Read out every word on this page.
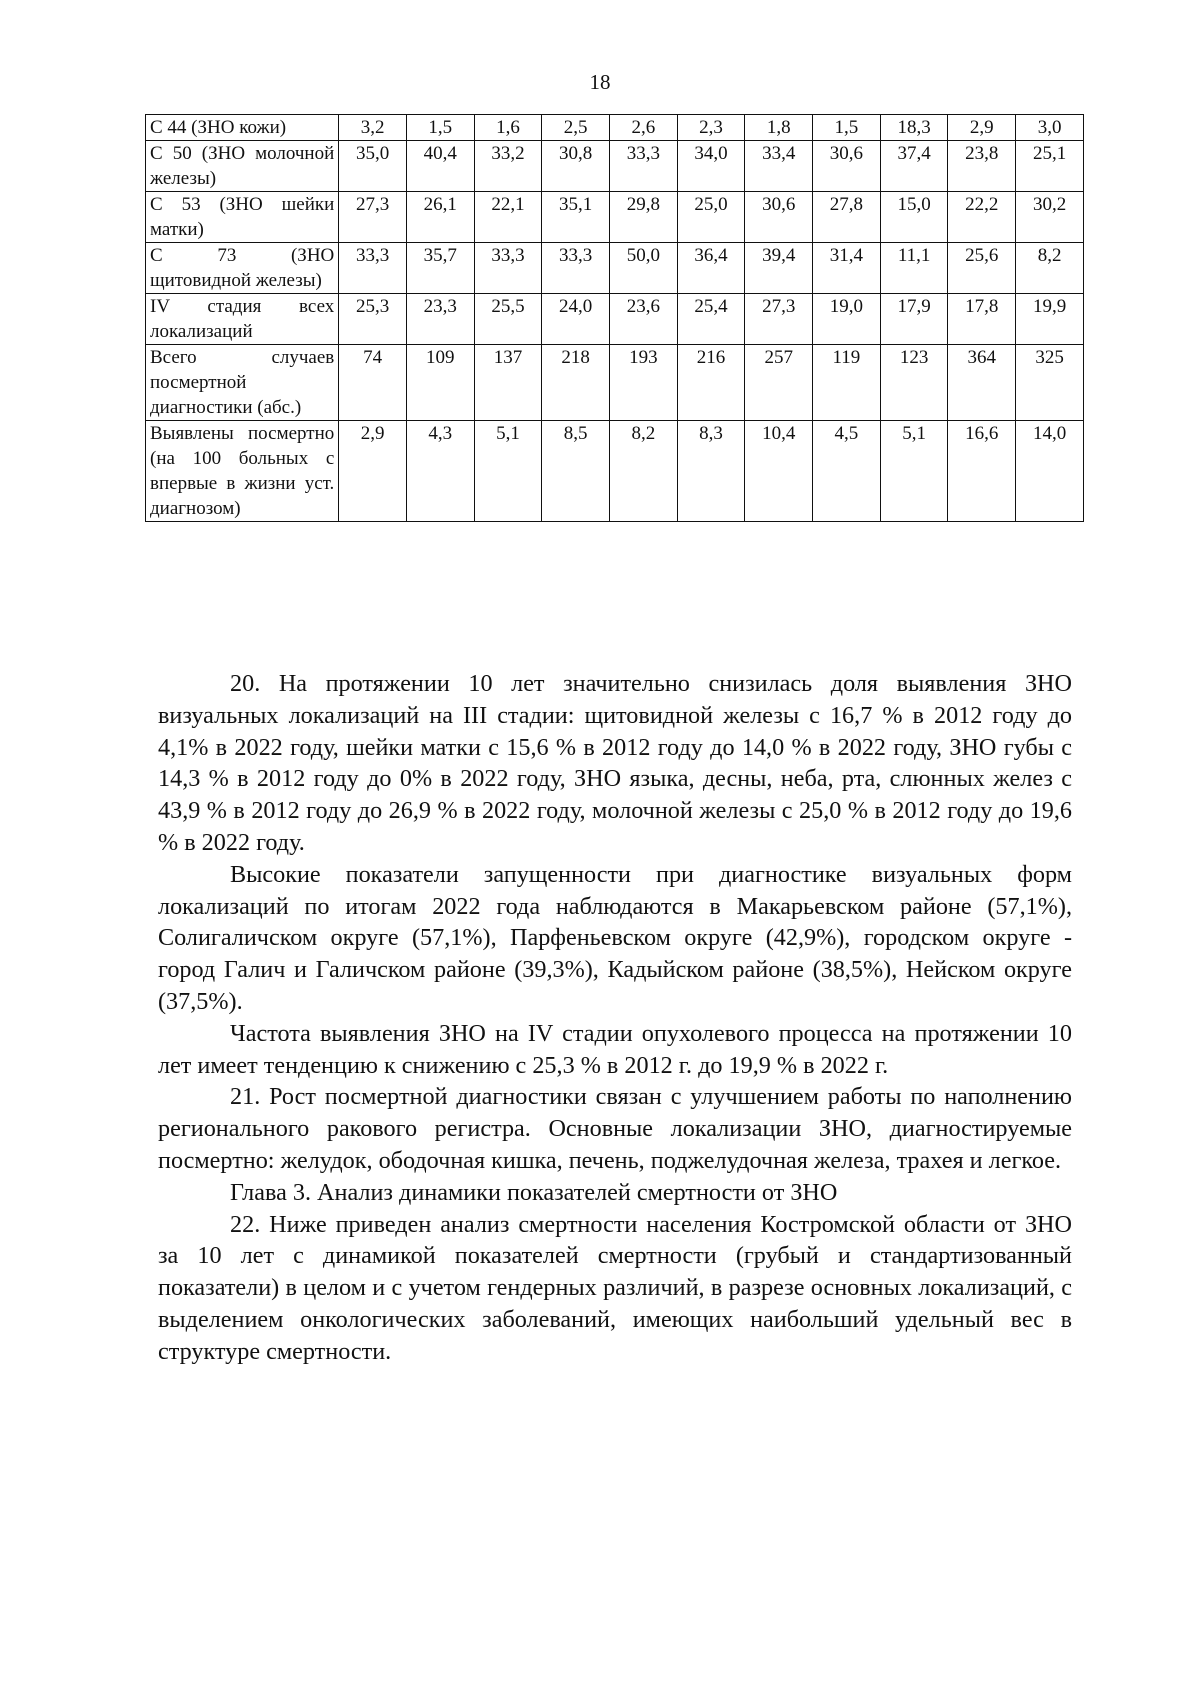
18
С 44 (ЗНО кожи)	3,2	1,5	1,6	2,5	2,6	2,3	1,8	1,5	18,3	2,9	3,0
С 50 (ЗНО молочной железы)	35,0	40,4	33,2	30,8	33,3	34,0	33,4	30,6	37,4	23,8	25,1
С 53 (ЗНО шейки матки)	27,3	26,1	22,1	35,1	29,8	25,0	30,6	27,8	15,0	22,2	30,2
С 73 (ЗНО щитовидной железы)	33,3	35,7	33,3	33,3	50,0	36,4	39,4	31,4	11,1	25,6	8,2
IV стадия всех локализаций	25,3	23,3	25,5	24,0	23,6	25,4	27,3	19,0	17,9	17,8	19,9
Всего случаев посмертной диагностики (абс.)	74	109	137	218	193	216	257	119	123	364	325
Выявлены посмертно (на 100 больных с впервые в жизни уст. диагнозом)	2,9	4,3	5,1	8,5	8,2	8,3	10,4	4,5	5,1	16,6	14,0

20. На протяжении 10 лет значительно снизилась доля выявления ЗНО визуальных локализаций на III стадии: щитовидной железы с 16,7 % в 2012 году до 4,1% в 2022 году, шейки матки с 15,6 % в 2012 году до 14,0 % в 2022 году, ЗНО губы с 14,3 % в 2012 году до 0% в 2022 году, ЗНО языка, десны, неба, рта, слюнных желез с 43,9 % в 2012 году до 26,9 % в 2022 году, молочной железы с 25,0 % в 2012 году до 19,6 % в 2022 году.

Высокие показатели запущенности при диагностике визуальных форм локализаций по итогам 2022 года наблюдаются в Макарьевском районе (57,1%), Солигаличском округе (57,1%), Парфеньевском округе (42,9%), городском округе - город Галич и Галичском районе (39,3%), Кадыйском районе (38,5%), Нейском округе (37,5%).

Частота выявления ЗНО на IV стадии опухолевого процесса на протяжении 10 лет имеет тенденцию к снижению с 25,3 % в 2012 г. до 19,9 % в 2022 г.

21. Рост посмертной диагностики связан с улучшением работы по наполнению регионального ракового регистра. Основные локализации ЗНО, диагностируемые посмертно: желудок, ободочная кишка, печень, поджелудочная железа, трахея и легкое.

Глава 3. Анализ динамики показателей смертности от ЗНО

22. Ниже приведен анализ смертности населения Костромской области от ЗНО за 10 лет с динамикой показателей смертности (грубый и стандартизованный показатели) в целом и с учетом гендерных различий, в разрезе основных локализаций, с выделением онкологических заболеваний, имеющих наибольший удельный вес в структуре смертности.
